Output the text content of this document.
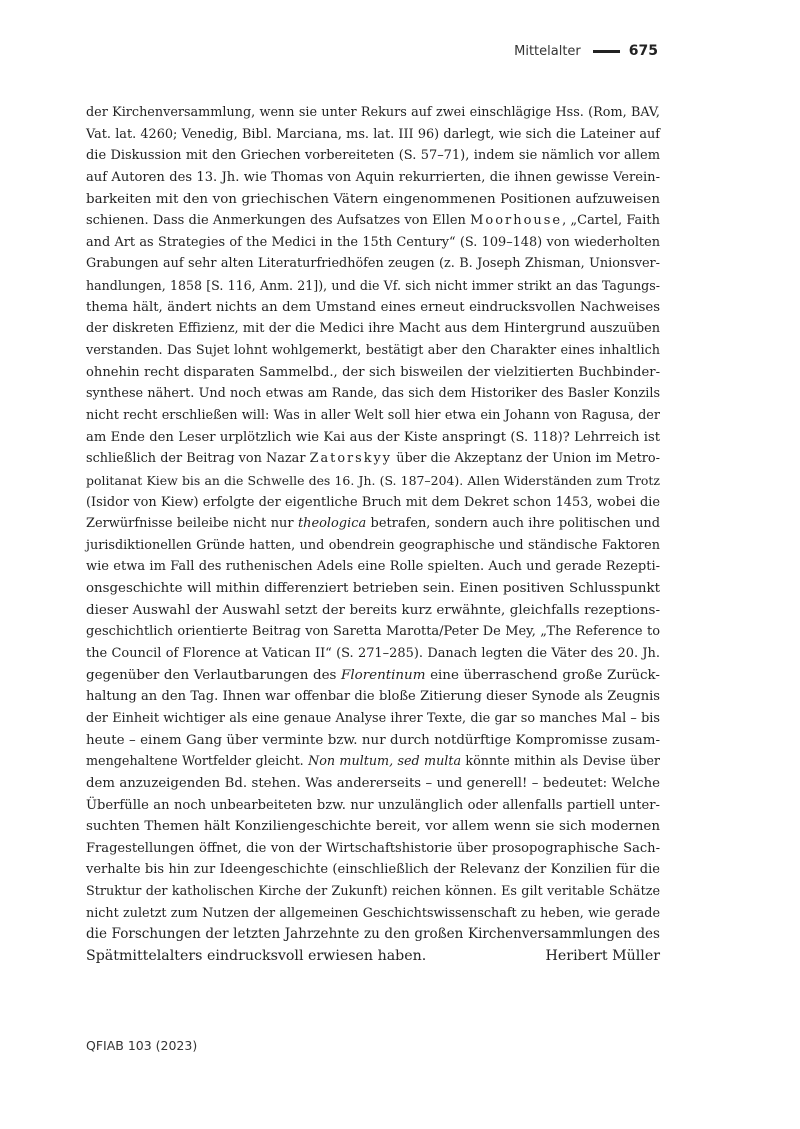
Mittelalter	675
der Kirchenversammlung, wenn sie unter Rekurs auf zwei einschlägige Hss. (Rom, BAV,
Vat. lat. 4260; Venedig, Bibl. Marciana, ms. lat. III 96) darlegt, wie sich die Lateiner auf
die Diskussion mit den Griechen vorbereiteten (S. 57–71), indem sie nämlich vor allem
auf Autoren des 13. Jh. wie Thomas von Aquin rekurrierten, die ihnen gewisse Verein-
barkeiten mit den von griechischen Vätern eingenommenen Positionen aufzuweisen
schienen. Dass die Anmerkungen des Aufsatzes von Ellen Moorhouse, „Cartel, Faith
and Art as Strategies of the Medici in the 15th Century“ (S. 109–148) von wiederholten
Grabungen auf sehr alten Literaturfriedhöfen zeugen (z. B. Joseph Zhisman, Unionsver-
handlungen, 1858 [S. 116, Anm. 21]), und die Vf. sich nicht immer strikt an das Tagungs-
thema hält, ändert nichts an dem Umstand eines erneut eindrucksvollen Nachweises
der diskreten Effizienz, mit der die Medici ihre Macht aus dem Hintergrund auszuüben
verstanden. Das Sujet lohnt wohlgemerkt, bestätigt aber den Charakter eines inhaltlich
ohnehin recht disparaten Sammelbd., der sich bisweilen der vielzitierten Buchbinder-
synthese nähert. Und noch etwas am Rande, das sich dem Historiker des Basler Konzils
nicht recht erschließen will: Was in aller Welt soll hier etwa ein Johann von Ragusa, der
am Ende den Leser urplötzlich wie Kai aus der Kiste anspringt (S. 118)? Lehrreich ist
schließlich der Beitrag von Nazar Zatorskyy über die Akzeptanz der Union im Metro-
politanat Kiew bis an die Schwelle des 16. Jh. (S. 187–204). Allen Widerständen zum Trotz
(Isidor von Kiew) erfolgte der eigentliche Bruch mit dem Dekret schon 1453, wobei die
Zerwürfnisse beileibe nicht nur theologica betrafen, sondern auch ihre politischen und
jurisdiktionellen Gründe hatten, und obendrein geographische und ständische Faktoren
wie etwa im Fall des ruthenischen Adels eine Rolle spielten. Auch und gerade Rezepti-
onsgeschichte will mithin differenziert betrieben sein. Einen positiven Schlusspunkt
dieser Auswahl der Auswahl setzt der bereits kurz erwähnte, gleichfalls rezeptions-
geschichtlich orientierte Beitrag von Saretta Marotta/Peter De Mey, „The Reference to
the Council of Florence at Vatican II“ (S. 271–285). Danach legten die Väter des 20. Jh.
gegenüber den Verlautbarungen des Florentinum eine überraschend große Zurück-
haltung an den Tag. Ihnen war offenbar die bloße Zitierung dieser Synode als Zeugnis
der Einheit wichtiger als eine genaue Analyse ihrer Texte, die gar so manches Mal – bis
heute – einem Gang über verminte bzw. nur durch notdürftige Kompromisse zusam-
mengehaltene Wortfelder gleicht. Non multum, sed multa könnte mithin als Devise über
dem anzuzeigenden Bd. stehen. Was andererseits – und generell! – bedeutet: Welche
Überfülle an noch unbearbeiteten bzw. nur unzulänglich oder allenfalls partiell unter-
suchten Themen hält Konziliengeschichte bereit, vor allem wenn sie sich modernen
Fragestellungen öffnet, die von der Wirtschaftshistorie über prosopographische Sach-
verhalte bis hin zur Ideengeschichte (einschließlich der Relevanz der Konzilien für die
Struktur der katholischen Kirche der Zukunft) reichen können. Es gilt veritable Schätze
nicht zuletzt zum Nutzen der allgemeinen Geschichtswissenschaft zu heben, wie gerade
die Forschungen der letzten Jahrzehnte zu den großen Kirchenversammlungen des
Spätmittelalters eindrucksvoll erwiesen haben.	Heribert Müller
QFIAB 103 (2023)
